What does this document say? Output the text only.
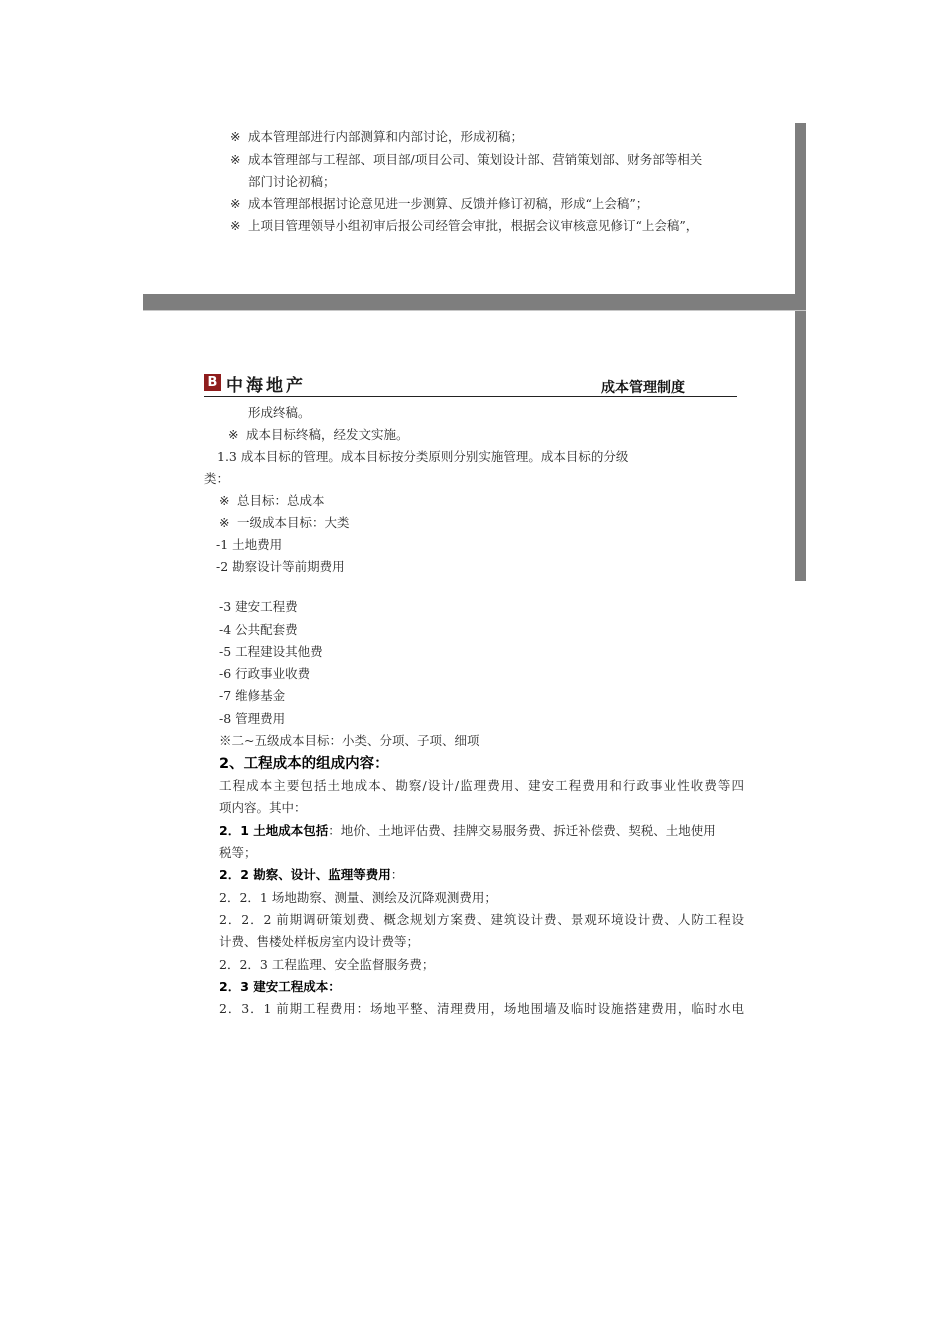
※ 成本管理部进行内部测算和内部讨论，形成初稿；
※ 成本管理部与工程部、项目部/项目公司、策划设计部、营销策划部、财务部等相关
部门讨论初稿；
※ 成本管理部根据讨论意见进一步测算、反馈并修订初稿，形成“上会稿”；
※ 上项目管理领导小组初审后报公司经管会审批，根据会议审核意见修订“上会稿”，
B 中海地产	成本管理制度
形成终稿。
※ 成本目标终稿，经发文实施。
1.3 成本目标的管理。成本目标按分类原则分别实施管理。成本目标的分级
类：
※ 总目标：总成本
※ 一级成本目标：大类
-1 土地费用
-2 勘察设计等前期费用
-3 建安工程费
-4 公共配套费
-5 工程建设其他费
-6 行政事业收费
-7 维修基金
-8 管理费用
※二~五级成本目标：小类、分项、子项、细项
2、工程成本的组成内容：
工程成本主要包括土地成本、勘察/设计/监理费用、建安工程费用和行政事业性收费等四
项内容。其中：
2．1 土地成本包括：地价、土地评估费、挂牌交易服务费、拆迁补偿费、契税、土地使用
税等；
2．2 勘察、设计、监理等费用：
2．2．1 场地勘察、测量、测绘及沉降观测费用；
2．2．2 前期调研策划费、概念规划方案费、建筑设计费、景观环境设计费、人防工程设
计费、售楼处样板房室内设计费等；
2．2．3 工程监理、安全监督服务费；
2．3 建安工程成本：
2．3．1 前期工程费用：场地平整、清理费用，场地围墙及临时设施搭建费用，临时水电
